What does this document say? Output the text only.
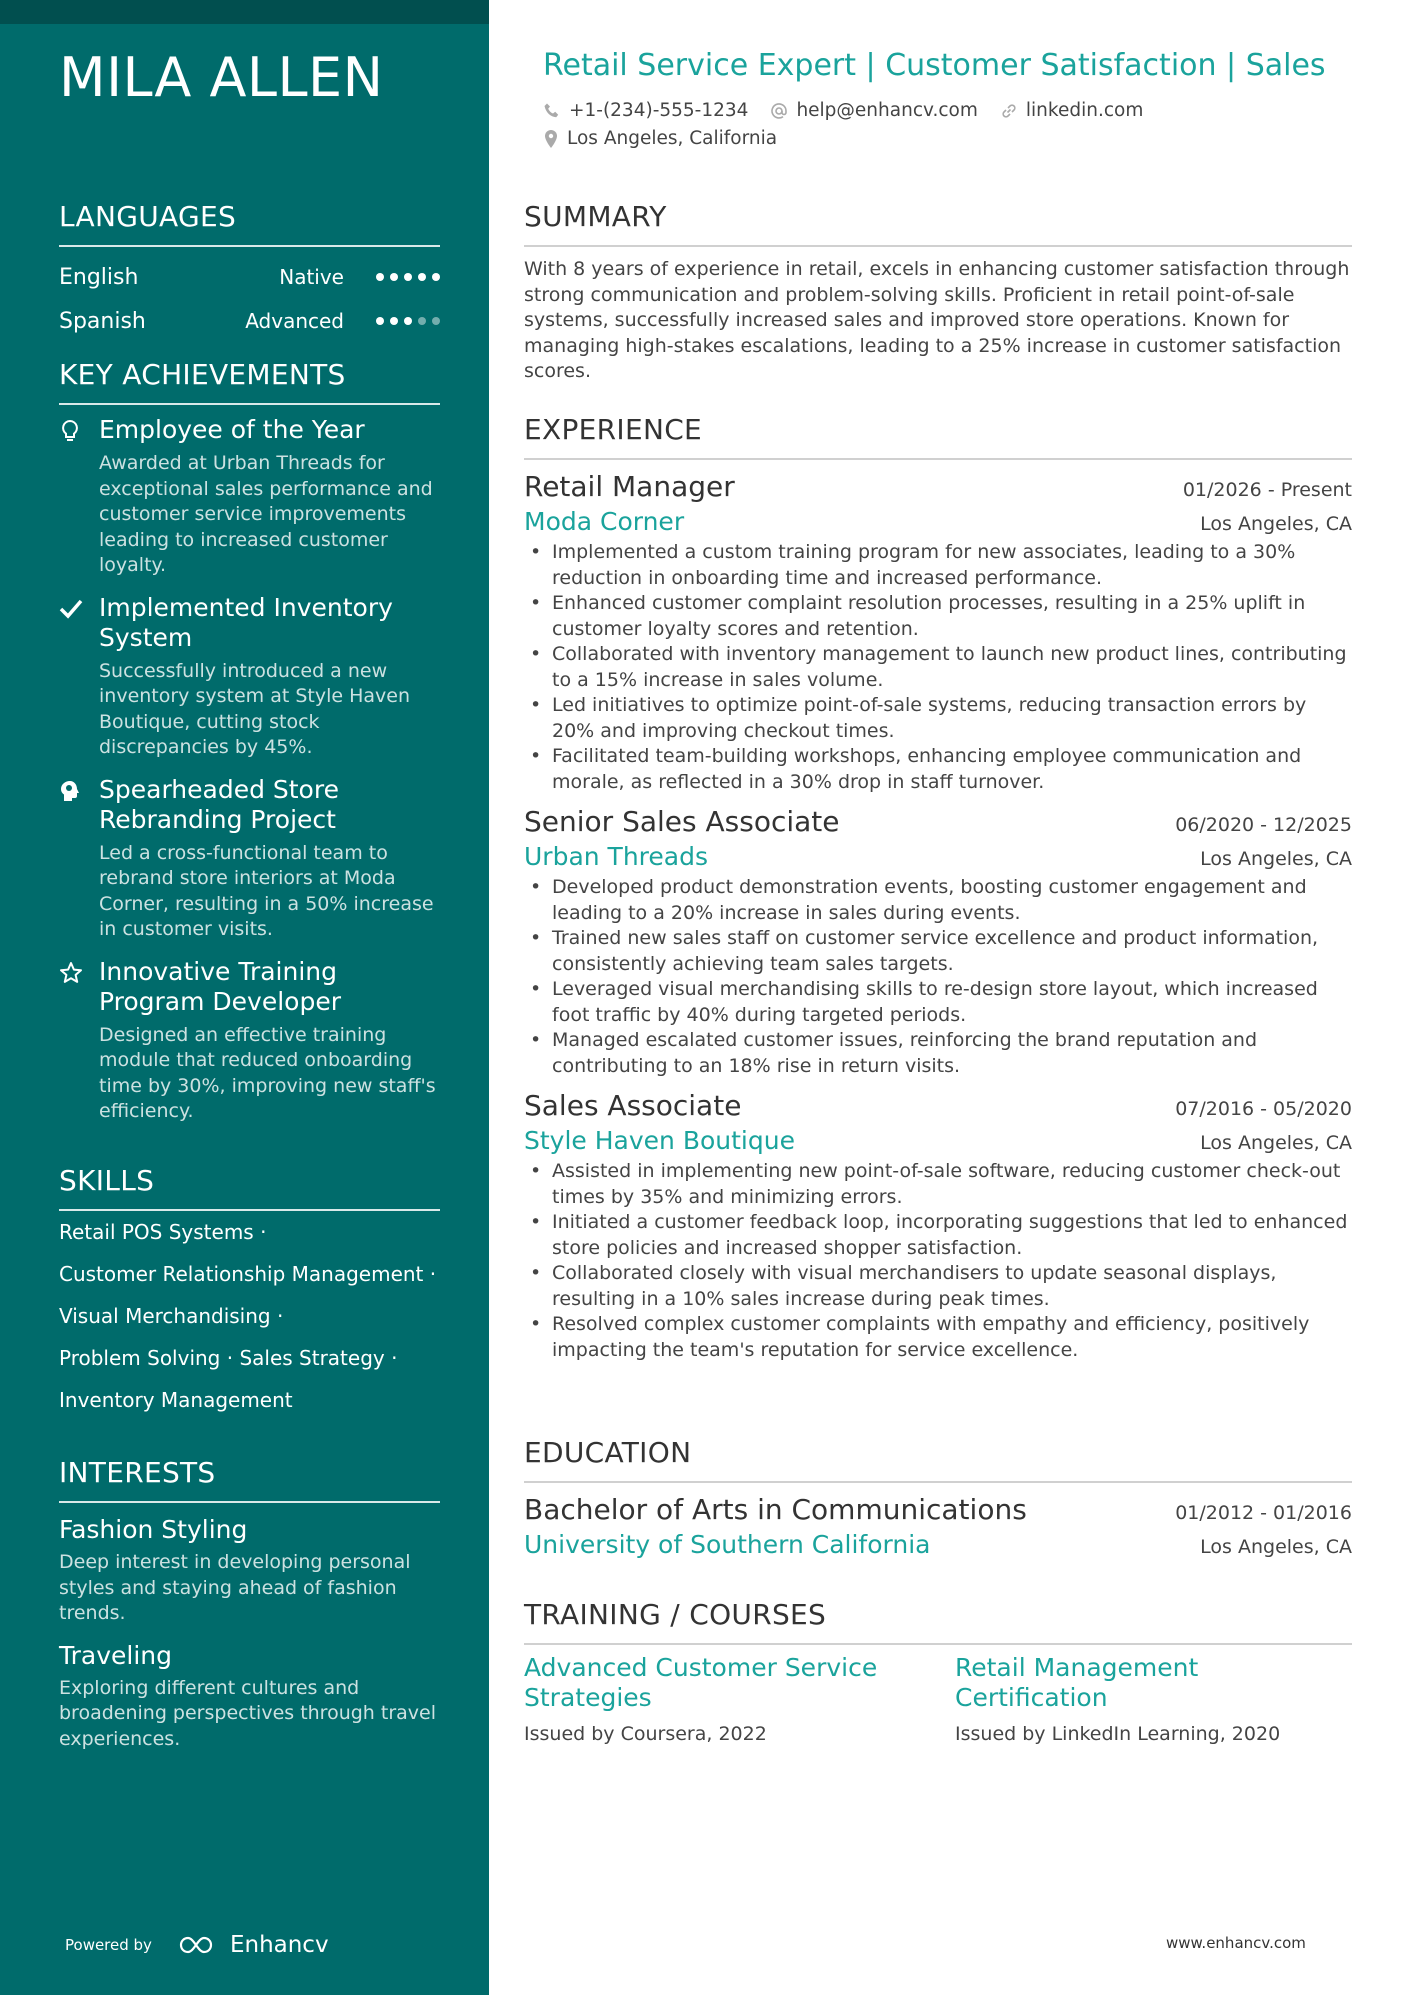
MILA ALLEN
LANGUAGES
English	Native
Spanish	Advanced
KEY ACHIEVEMENTS
Employee of the Year
Awarded at Urban Threads for exceptional sales performance and customer service improvements leading to increased customer loyalty.
Implemented Inventory System
Successfully introduced a new inventory system at Style Haven Boutique, cutting stock discrepancies by 45%.
Spearheaded Store Rebranding Project
Led a cross-functional team to rebrand store interiors at Moda Corner, resulting in a 50% increase in customer visits.
Innovative Training Program Developer
Designed an effective training module that reduced onboarding time by 30%, improving new staff's efficiency.
SKILLS
Retail POS Systems ·
Customer Relationship Management ·
Visual Merchandising ·
Problem Solving · Sales Strategy ·
Inventory Management
INTERESTS
Fashion Styling
Deep interest in developing personal styles and staying ahead of fashion trends.
Traveling
Exploring different cultures and broadening perspectives through travel experiences.
Powered by	Enhancv
Retail Service Expert | Customer Satisfaction | Sales
+1-(234)-555-1234	help@enhancv.com	linkedin.com
Los Angeles, California
SUMMARY
With 8 years of experience in retail, excels in enhancing customer satisfaction through strong communication and problem-solving skills. Proficient in retail point-of-sale systems, successfully increased sales and improved store operations. Known for managing high-stakes escalations, leading to a 25% increase in customer satisfaction scores.
EXPERIENCE
Retail Manager	01/2026 - Present
Moda Corner	Los Angeles, CA
• Implemented a custom training program for new associates, leading to a 30% reduction in onboarding time and increased performance.
• Enhanced customer complaint resolution processes, resulting in a 25% uplift in customer loyalty scores and retention.
• Collaborated with inventory management to launch new product lines, contributing to a 15% increase in sales volume.
• Led initiatives to optimize point-of-sale systems, reducing transaction errors by 20% and improving checkout times.
• Facilitated team-building workshops, enhancing employee communication and morale, as reflected in a 30% drop in staff turnover.
Senior Sales Associate	06/2020 - 12/2025
Urban Threads	Los Angeles, CA
• Developed product demonstration events, boosting customer engagement and leading to a 20% increase in sales during events.
• Trained new sales staff on customer service excellence and product information, consistently achieving team sales targets.
• Leveraged visual merchandising skills to re-design store layout, which increased foot traffic by 40% during targeted periods.
• Managed escalated customer issues, reinforcing the brand reputation and contributing to an 18% rise in return visits.
Sales Associate	07/2016 - 05/2020
Style Haven Boutique	Los Angeles, CA
• Assisted in implementing new point-of-sale software, reducing customer check-out times by 35% and minimizing errors.
• Initiated a customer feedback loop, incorporating suggestions that led to enhanced store policies and increased shopper satisfaction.
• Collaborated closely with visual merchandisers to update seasonal displays, resulting in a 10% sales increase during peak times.
• Resolved complex customer complaints with empathy and efficiency, positively impacting the team's reputation for service excellence.
EDUCATION
Bachelor of Arts in Communications	01/2012 - 01/2016
University of Southern California	Los Angeles, CA
TRAINING / COURSES
Advanced Customer Service Strategies
Issued by Coursera, 2022
Retail Management Certification
Issued by LinkedIn Learning, 2020
www.enhancv.com
